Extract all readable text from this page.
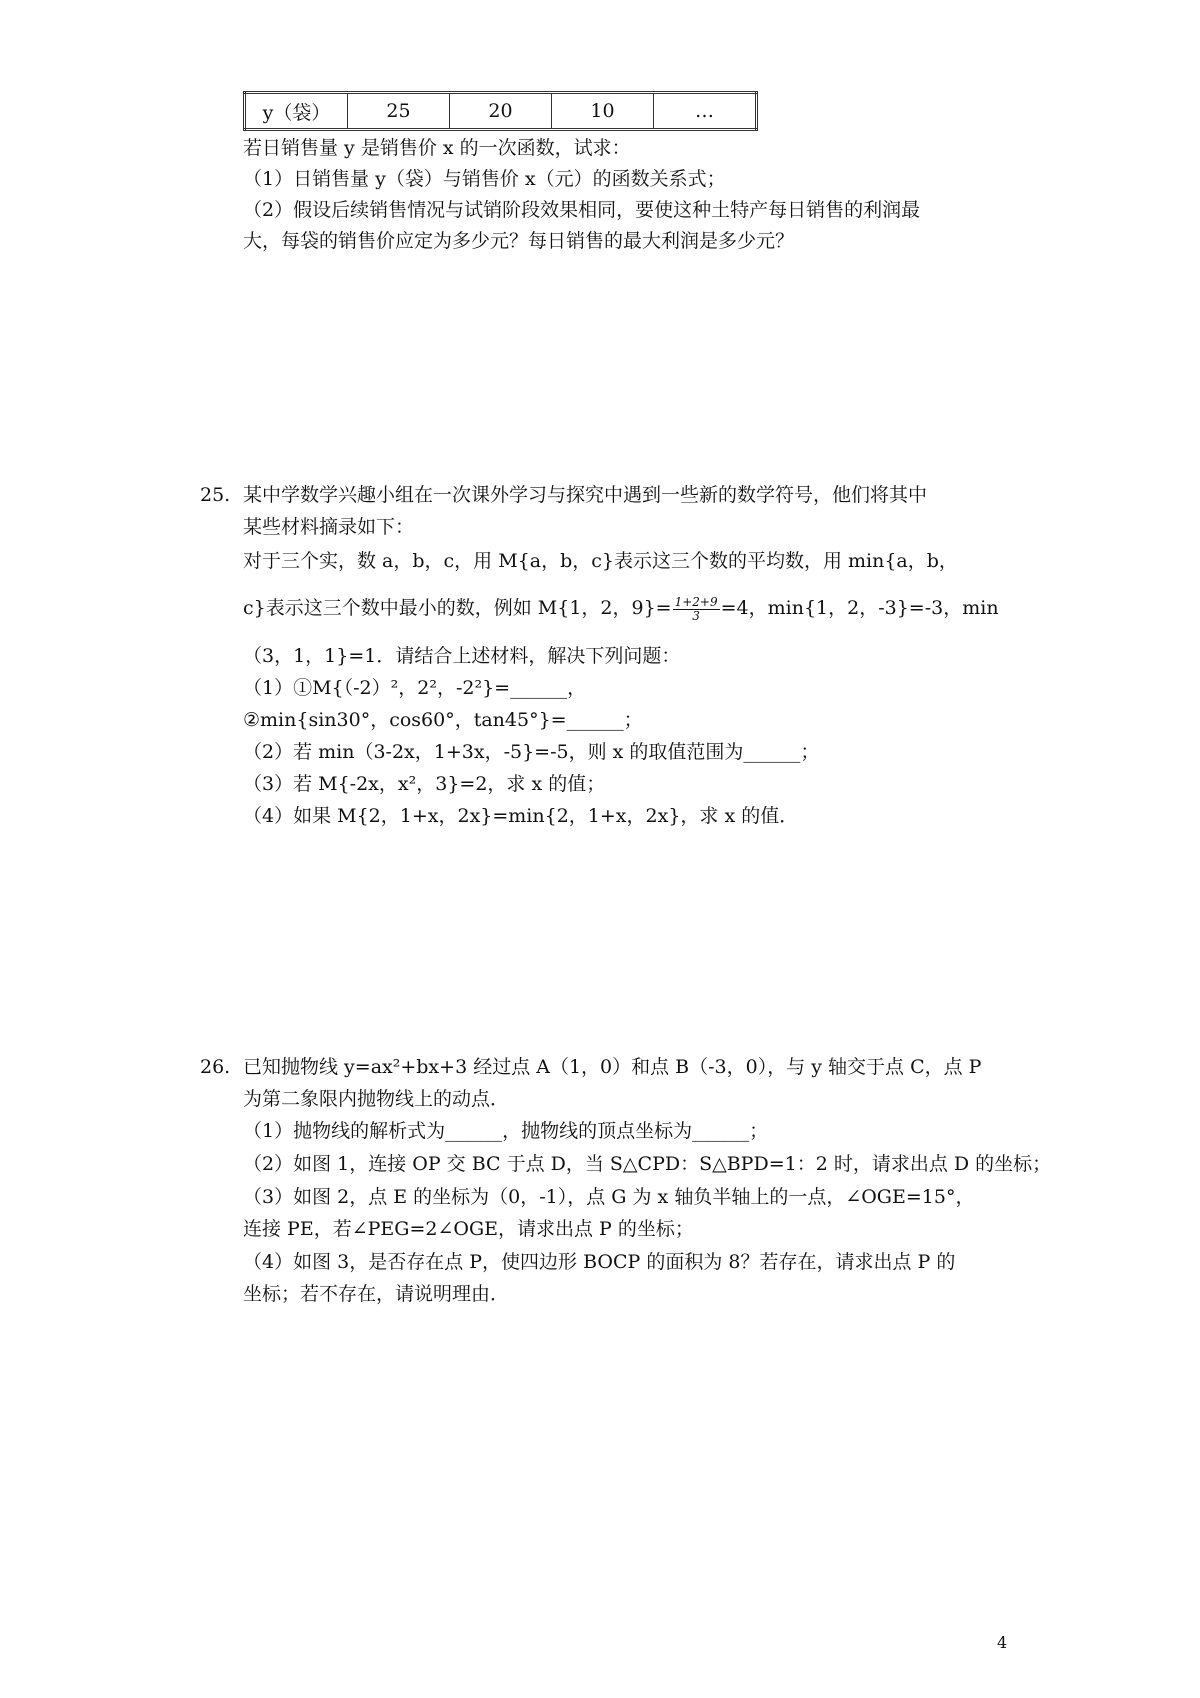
y（袋）	25	20	10	…
若日销售量 y 是销售价 x 的一次函数，试求：
（1）日销售量 y（袋）与销售价 x（元）的函数关系式；
（2）假设后续销售情况与试销阶段效果相同，要使这种土特产每日销售的利润最
大，每袋的销售价应定为多少元？每日销售的最大利润是多少元？
25. 某中学数学兴趣小组在一次课外学习与探究中遇到一些新的数学符号，他们将其中
某些材料摘录如下：
对于三个实，数 a，b，c，用 M{a，b，c}表示这三个数的平均数，用 min{a，b，
c}表示这三个数中最小的数，例如 M{1，2，$9\}= \frac{1+2+9}{3} =4$，min{1，2，-3}=-3，min
（3，1，1}=1．请结合上述材料，解决下列问题：
（1）①M{（-2）²，2²，-2²}=______，
②min{sin30°，cos60°，tan45°}=______；
（2）若 min（3-2x，1+3x，-5}=-5，则 x 的取值范围为______；
（3）若 M{-2x，x²，3}=2，求 x 的值；
（4）如果 M{2，1+x，2x}=min{2，1+x，2x}，求 x 的值．
26. 已知抛物线 y=ax²+bx+3 经过点 A（1，0）和点 B（-3，0），与 y 轴交于点 C，点 P
为第二象限内抛物线上的动点．
（1）抛物线的解析式为______，抛物线的顶点坐标为______；
（2）如图 1，连接 OP 交 BC 于点 D，当 S△CPD：S△BPD=1：2 时，请求出点 D 的坐标；
（3）如图 2，点 E 的坐标为（0，-1），点 G 为 x 轴负半轴上的一点，∠OGE=15°，
连接 PE，若∠PEG=2∠OGE，请求出点 P 的坐标；
（4）如图 3，是否存在点 P，使四边形 BOCP 的面积为 8？若存在，请求出点 P 的
坐标；若不存在，请说明理由．
4
